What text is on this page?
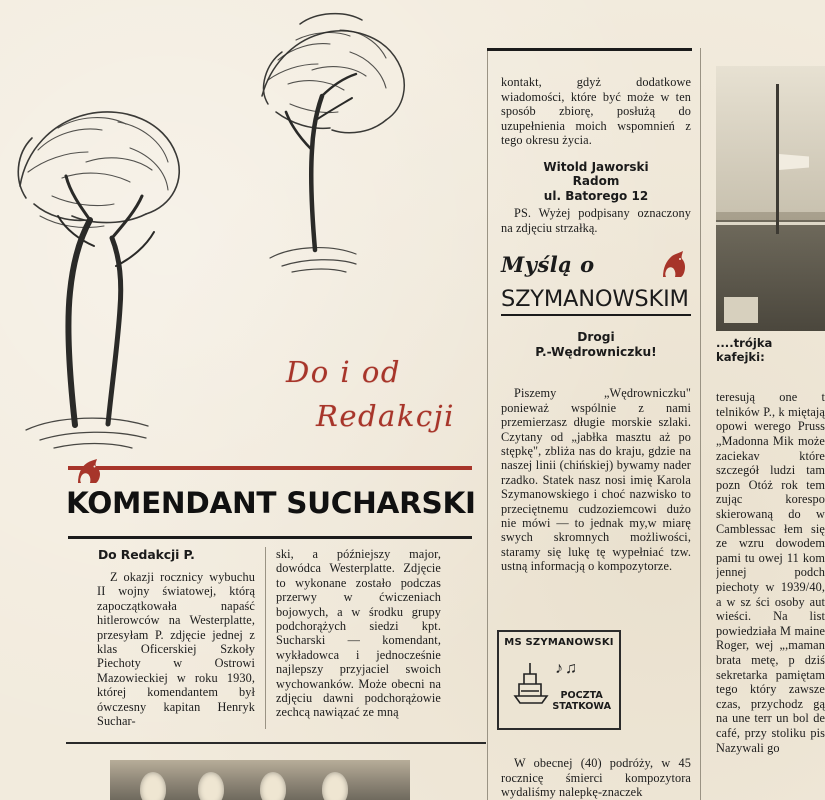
Do i od
Redakcji
KOMENDANT SUCHARSKI
Do Redakcji P.

Z okazji rocznicy wybuchu II wojny światowej, którą zapoczątkowała napaść hitlerowców na Westerplatte, przesyłam P. zdjęcie jednej z klas Oficerskiej Szkoły Piechoty w Ostrowi Mazowieckiej w roku 1930, której komendantem był ówczesny kapitan Henryk Suchar-

ski, a późniejszy major, dowódca Westerplatte. Zdjęcie to wykonane zostało podczas przerwy w ćwiczeniach bojowych, a w środku grupy podchorążych siedzi kpt. Sucharski — komendant, wykładowca i jednocześnie najlepszy przyjaciel swoich wychowanków. Może obecni na zdjęciu dawni podchorążowie zechcą nawiązać ze mną

kontakt, gdyż dodatkowe wiadomości, które być może w ten sposób zbiorę, posłużą do uzupełnienia moich wspomnień z tego okresu życia.

Witold Jaworski
Radom
ul. Batorego 12

PS. Wyżej podpisany oznaczony na zdjęciu strzałką.

Myślą o
SZYMANOWSKIM
Drogi
P.-Wędrowniczku!

Piszemy „Wędrowniczku" ponieważ wspólnie z nami przemierzasz długie morskie szlaki. Czytany od „jabłka masztu aż po stępkę", zbliża nas do kraju, gdzie na naszej linii (chińskiej) bywamy nader rzadko. Statek nasz nosi imię Karola Szymanowskiego i choć nazwisko to przeciętnemu cudzoziemcowi dużo nie mówi — to jednak my,w miarę swych skromnych możliwości, staramy się lukę tę wypełniać tzw. ustną informacją o kompozytorze.

MS SZYMANOWSKI
♪♫
POCZTA
STATKOWA

W obecnej (40) podróży, w 45 rocznicę śmierci kompozytora wydaliśmy nalepkę-znaczek

....trójka kafejki:

teresują one t telników P., k miętają opowi werego Pruss „Madonna Mik może zaciekav które szczegół ludzi tam pozn Otóż rok tem zując korespo skierowaną do w Camblessac łem się ze wzru dowodem pami tu owej 11 kom jennej podch piechoty w 1939/40, a w sz ści osoby aut wieści. Na list powiedziała M maine Roger, wej „,maman brata metę, p dziś sekretarka pamiętam tego który zawsze czas, przychodz gą na une terr un bol de café, przy stoliku pis Nazywali go
